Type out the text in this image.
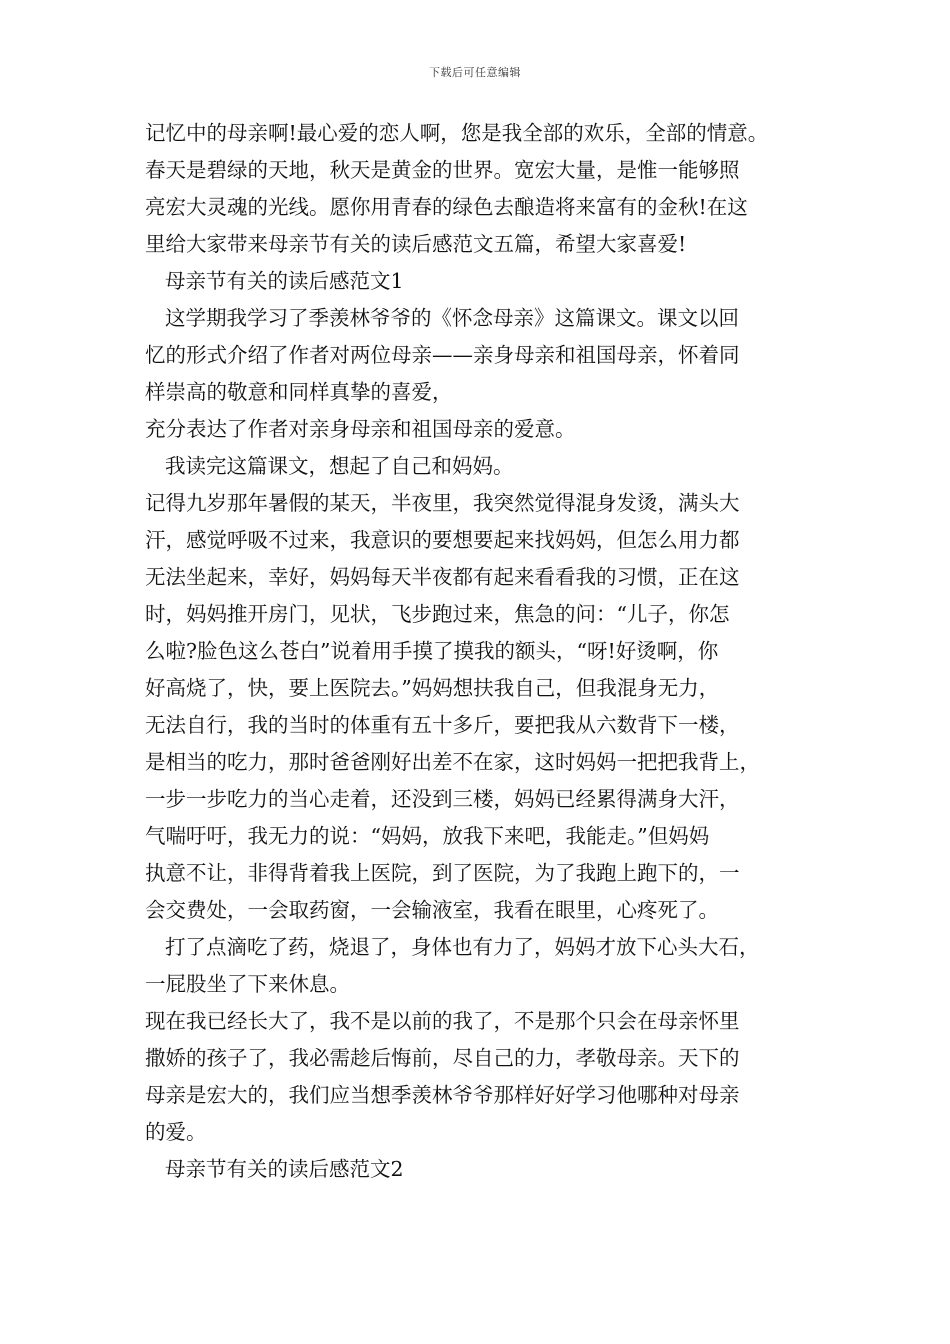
下载后可任意编辑
记忆中的母亲啊!最心爱的恋人啊，您是我全部的欢乐，全部的情意。
春天是碧绿的天地，秋天是黄金的世界。宽宏大量，是惟一能够照
亮宏大灵魂的光线。愿你用青春的绿色去酿造将来富有的金秋!在这
里给大家带来母亲节有关的读后感范文五篇，希望大家喜爱!
母亲节有关的读后感范文1
这学期我学习了季羡林爷爷的《怀念母亲》这篇课文。课文以回
忆的形式介绍了作者对两位母亲——亲身母亲和祖国母亲，怀着同
样崇高的敬意和同样真挚的喜爱，
充分表达了作者对亲身母亲和祖国母亲的爱意。
我读完这篇课文，想起了自己和妈妈。
记得九岁那年暑假的某天，半夜里，我突然觉得混身发烫，满头大
汗，感觉呼吸不过来，我意识的要想要起来找妈妈，但怎么用力都
无法坐起来，幸好，妈妈每天半夜都有起来看看我的习惯，正在这
时，妈妈推开房门，见状，飞步跑过来，焦急的问：“儿子，你怎
么啦?脸色这么苍白”说着用手摸了摸我的额头，“呀!好烫啊，你
好高烧了，快，要上医院去。”妈妈想扶我自己，但我混身无力，
无法自行，我的当时的体重有五十多斤，要把我从六数背下一楼，
是相当的吃力，那时爸爸刚好出差不在家，这时妈妈一把把我背上，
一步一步吃力的当心走着，还没到三楼，妈妈已经累得满身大汗，
气喘吁吁，我无力的说：“妈妈，放我下来吧，我能走。”但妈妈
执意不让，非得背着我上医院，到了医院，为了我跑上跑下的，一
会交费处，一会取药窗，一会输液室，我看在眼里，心疼死了。
打了点滴吃了药，烧退了，身体也有力了，妈妈才放下心头大石，
一屁股坐了下来休息。
现在我已经长大了，我不是以前的我了，不是那个只会在母亲怀里
撒娇的孩子了，我必需趁后悔前，尽自己的力，孝敬母亲。天下的
母亲是宏大的，我们应当想季羡林爷爷那样好好学习他哪种对母亲
的爱。
母亲节有关的读后感范文2
